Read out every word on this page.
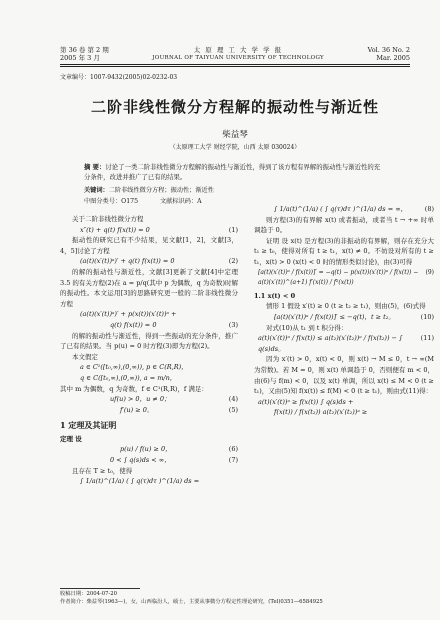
第 36 卷 第 2 期	太 原 理 工 大 学 学 报	Vol. 36 No. 2
2005 年 3 月	JOURNAL OF TAIYUAN UNIVERSITY OF TECHNOLOGY	Mar. 2005
文章编号：1007-9432(2005)02-0232-03
二阶非线性微分方程解的振动性与渐近性
柴益琴
（太原理工大学 财经学院，山西 太原 030024）
摘 要：讨论了一类二阶非线性微分方程解的振动性与渐近性，得到了该方程有界解的振动性与渐近性的充分条件，改进并推广了已有的结果。
关键词：二阶非线性微分方程；振动性；渐近性
中图分类号：O175	文献标识码：A

关于二阶非线性微分方程

x″(t) + q(t) f(x(t)) = 0	(1)

振动性的研究已有不少结果，见文献[1，2]，文献[3，4，5]讨论了方程

(a(t)(x′(t))ᵃ)′ + q(t) f(x(t)) = 0	(2)

的解的振动性与渐近性，文献[3]更新了文献[4]中定理 3.5 的有关方程(2)在 a = p/q(其中 p 为偶数，q 为奇数)时解的振动性。本文运用[3]的思路研究更一般的二阶非线性微分方程

(a(t)(x′(t))ᵃ)′ + p(x(t))(x′(t))ᵃ +
q(t) f(x(t)) = 0	(3)

的解的振动性与渐近性，得到一些振动的充分条件，推广了已有的结果。当 p(u) = 0 时方程(3)即为方程(2)。

本文假定

a ∈ C¹([t₀,∞),(0,∞)), p ∈ C(R,R)，
q ∈ C([t₀,∞),(0,∞)), a = m/n，
其中 m 为偶数，q 为奇数，f ∈ C¹(R,R)，f 满足：
uf(u) > 0，u ≠ 0；	(4)
f′(u) ≥ 0。	(5)
1 定理及其证明
定理 设
p(u) / f(u) ≥ 0，	(6)
0 < ∫ q(s)ds < ∞，	(7)

且存在 T ≥ t₀，使得

∫ 1/a(t)^(1/a) ( ∫ q(τ)dτ )^(1/a) ds =
∫ 1/a(t)^(1/a) ( ∫ q(τ)dτ )^(1/a) ds = ∞，	(8)

则方程(3)的有界解 x(t) 或者振动，或者当 t → +∞ 时单调趋于 0。

证明 设 x(t) 是方程(3)的非振动的有界解，则存在充分大 t₁ ≥ t₀，使得对所有 t ≥ t₁，x(t) ≠ 0。不妨设对所有的 t ≥ t₁，x(t) > 0 (x(t) < 0 时的情形类似讨论)，由(3)可得

[a(t)(x′(t))ᵃ / f(x(t))]′ = −q(t) − p(x(t))(x′(t))ᵃ / f(x(t)) − a(t)(x′(t))^(a+1) f′(x(t)) / f²(x(t))
(9)
1.1 x(t) < 0

情形 1 假设 x′(t) ≥ 0 (t ≥ t₂ ≥ t₁)，则由(5)，(6)式得

[a(t)(x′(t))ᵃ / f(x(t))]′ ≤ −q(t)，t ≥ t₂。	(10)

对式(10)从 t₁ 到 t 积分得：

a(t)(x′(t))ᵃ / f(x(t)) ≤ a(t₂)(x′(t₂))ᵃ / f(x(t₂)) − ∫ q(s)ds。
(11)

因为 x′(t) > 0，x(t) < 0，则 x(t) → M ≤ 0，t → ∞(M 为常数)。若 M = 0，则 x(t) 单调趋于 0，否则便有 m < 0，由(6)与 f(m) < 0，以及 x(t) 单调，所以 x(t) ≤ M < 0 (t ≥ t₁)，又由(5)知 f(x(t)) ≤ f(M) < 0 (t ≥ t₁)，则由式(11)得：

a(t)(x′(t))ᵃ ≥ f(x(t)) ∫ q(s)ds +
f(x(t)) / f(x(t₂)) a(t₂)(x′(t₂))ᵃ ≥
收稿日期：2004-07-20
作者简介：柴益琴(1963—)，女，山西临汾人，硕士，主要从事微分方程定性理论研究，(Tel)0351—6584925
